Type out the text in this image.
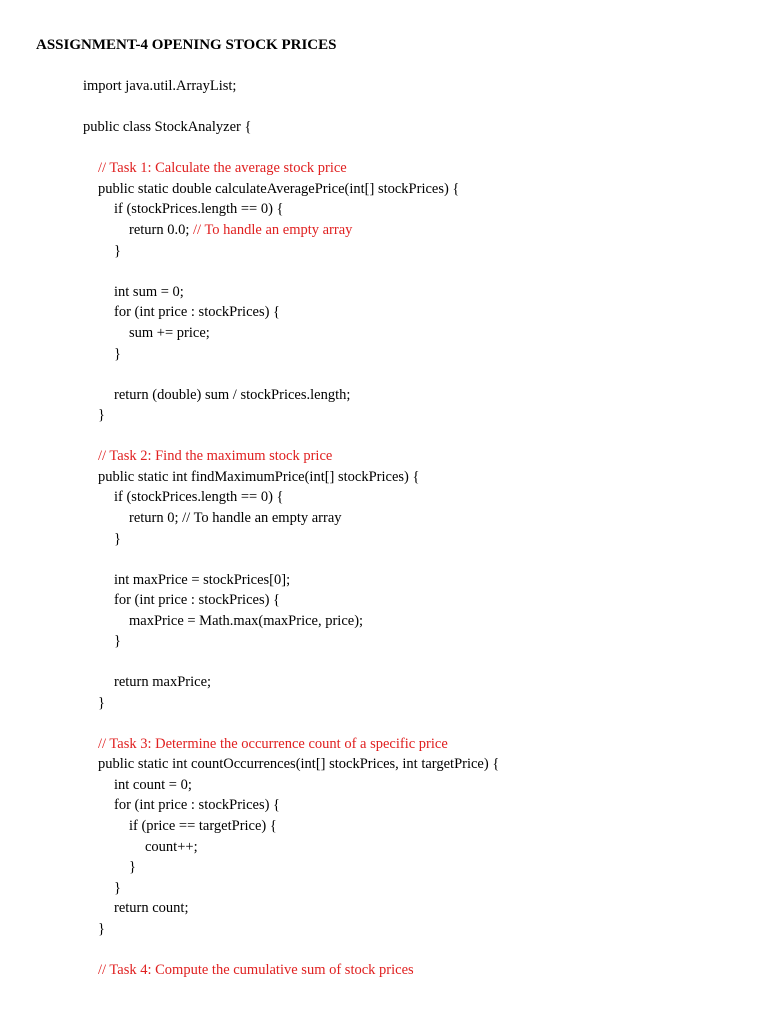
ASSIGNMENT-4 OPENING STOCK PRICES
import java.util.ArrayList;
public class StockAnalyzer {
// Task 1: Calculate the average stock price
public static double calculateAveragePrice(int[] stockPrices) {
if (stockPrices.length == 0) {
return 0.0; // To handle an empty array
}
int sum = 0;
for (int price : stockPrices) {
sum += price;
}
return (double) sum / stockPrices.length;
}
// Task 2: Find the maximum stock price
public static int findMaximumPrice(int[] stockPrices) {
if (stockPrices.length == 0) {
return 0; // To handle an empty array
}
int maxPrice = stockPrices[0];
for (int price : stockPrices) {
maxPrice = Math.max(maxPrice, price);
}
return maxPrice;
}
// Task 3: Determine the occurrence count of a specific price
public static int countOccurrences(int[] stockPrices, int targetPrice) {
int count = 0;
for (int price : stockPrices) {
if (price == targetPrice) {
count++;
}
}
return count;
}
// Task 4: Compute the cumulative sum of stock prices
